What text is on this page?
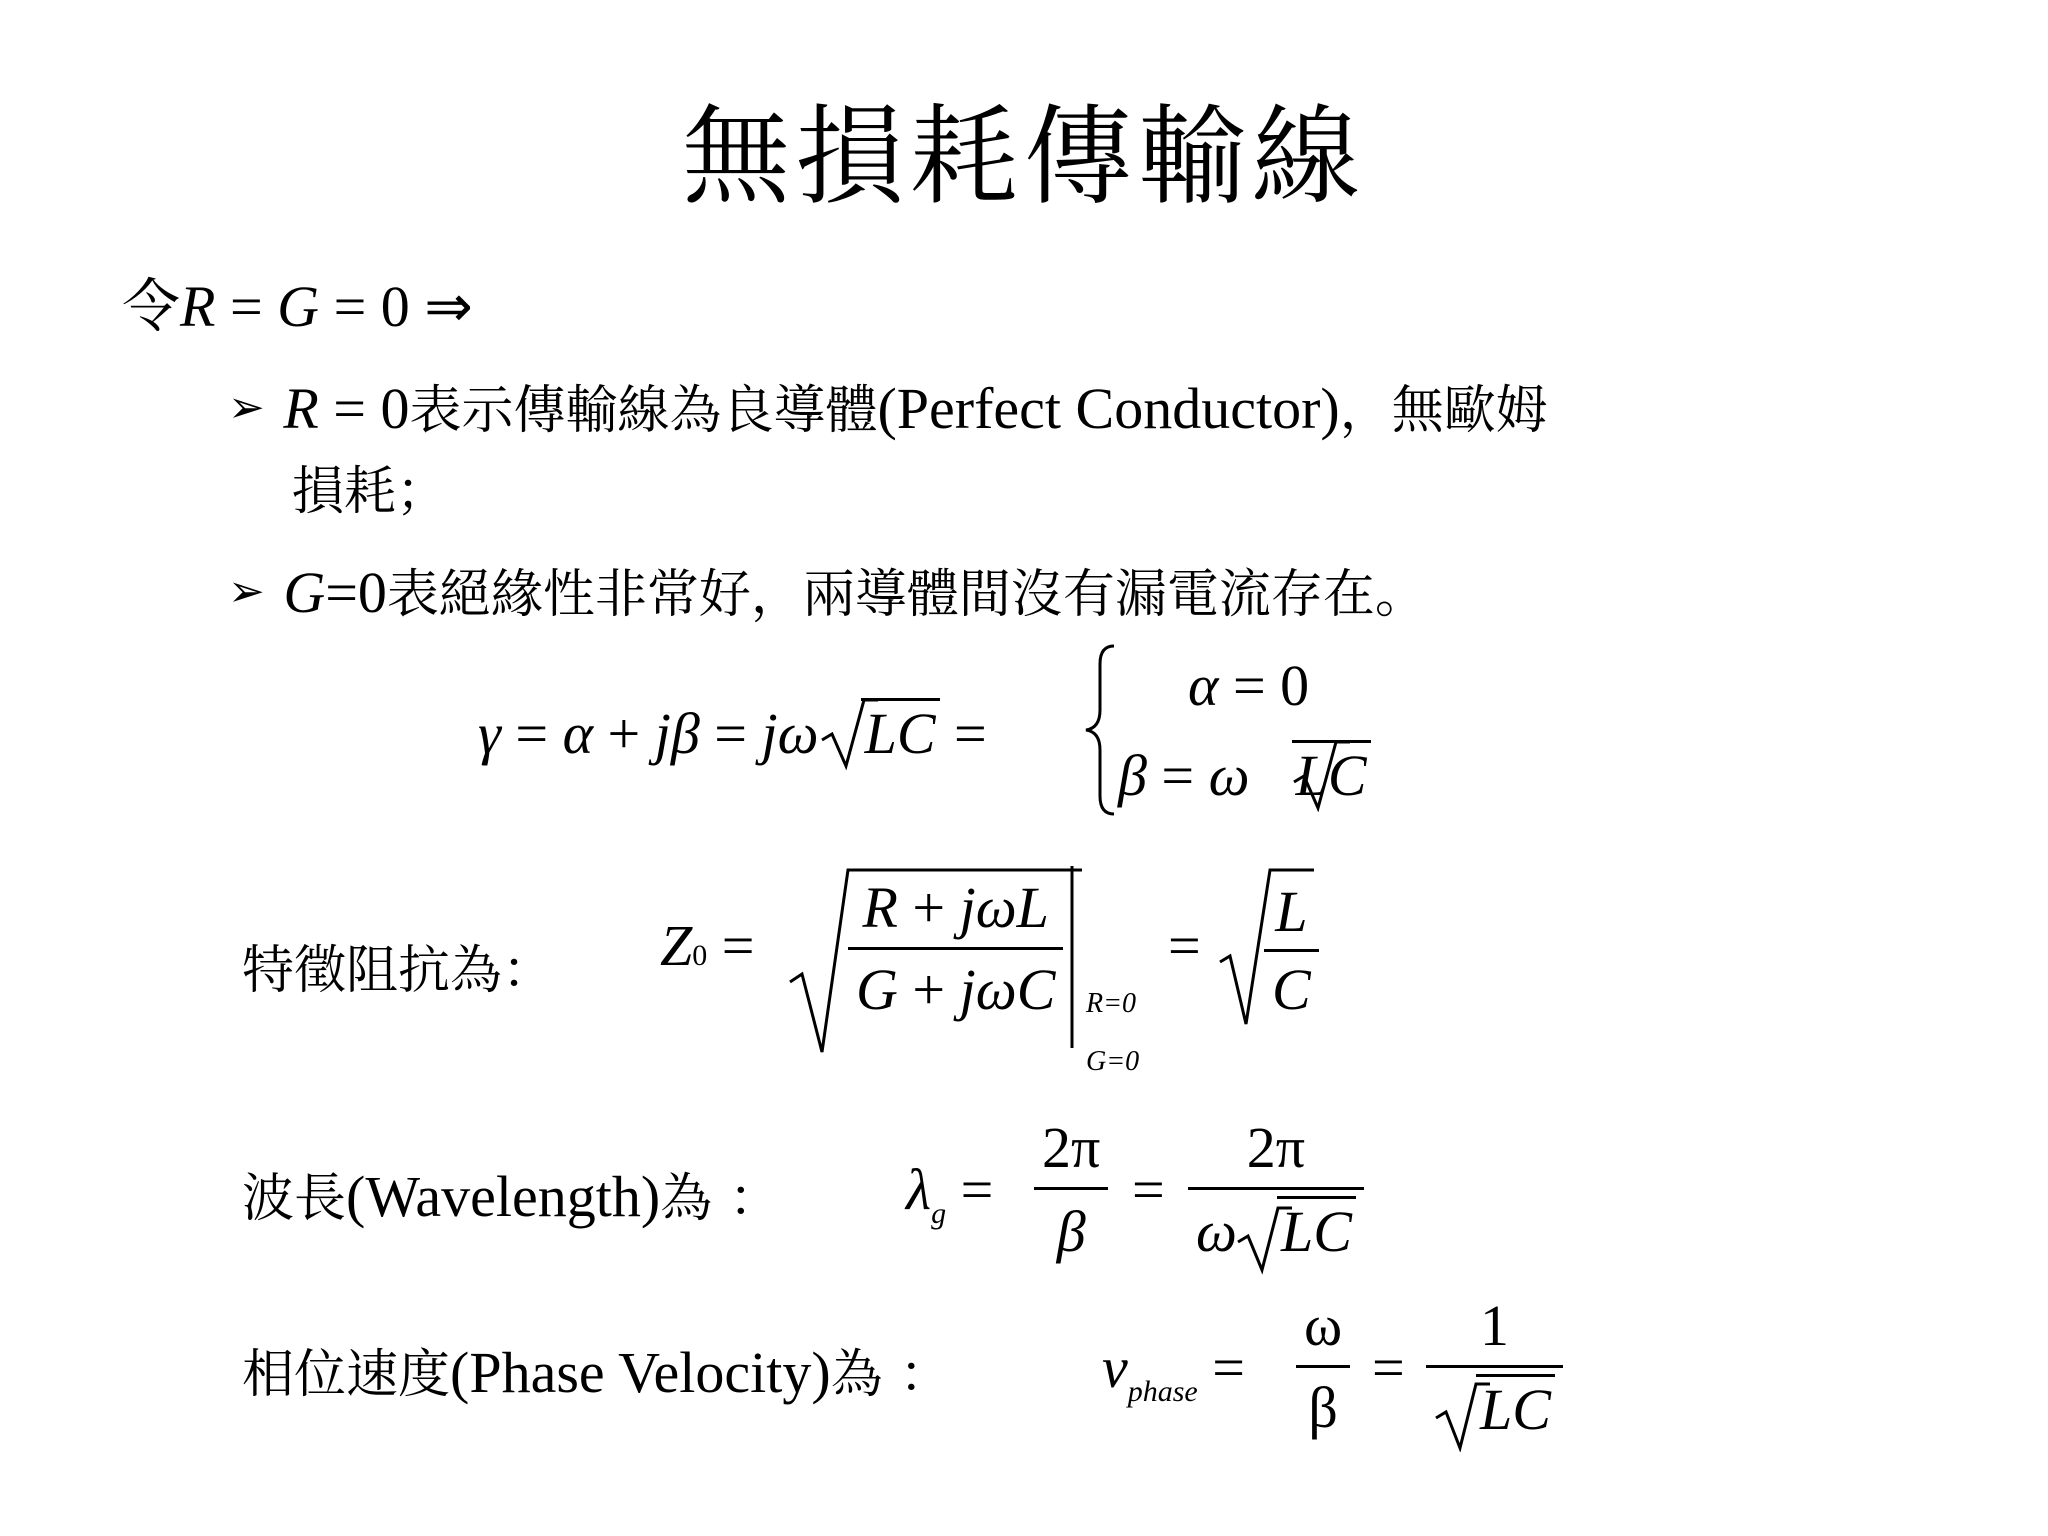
無損耗傳輸線
令R = G = 0 ⇒
➢ R = 0表示傳輸線為良導體(Perfect Conductor)，無歐姆
損耗；
➢ G=0表絕緣性非常好，兩導體間沒有漏電流存在。
γ = α + jβ = jω LC =
α = 0
β = ω LC
特徵阻抗為： $Z0 = \frac{\text{R + jωL}}{\text{G + jωC}} R=0$
G=0
= $\frac{L}{C}$
波長(Wavelength)為 ： $\lambda_g = \frac{2\pi}{\beta} = \frac{2\pi}{\text{ω LC}}$
相位速度(Phase Velocity)為 ：	$v_{phase} = \frac{\omega}{\beta} = \frac{1}{LC}$
